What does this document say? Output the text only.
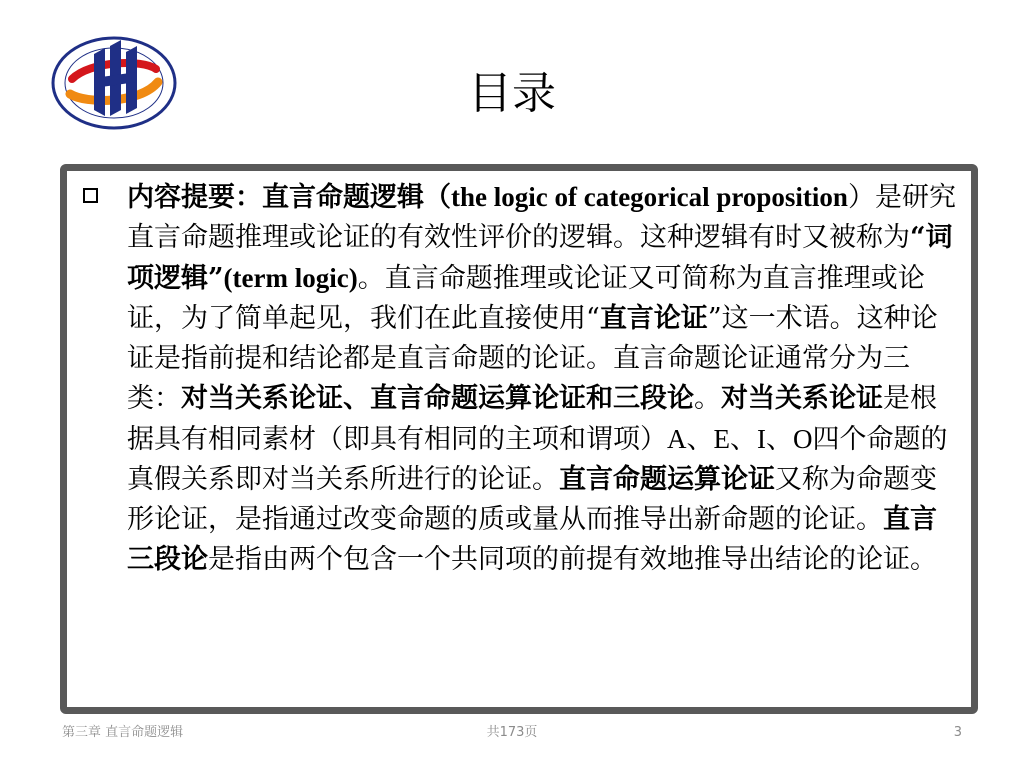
目录
内容提要：直言命题逻辑（the logic of categorical proposition）是研究直言命题推理或论证的有效性评价的逻辑。这种逻辑有时又被称为“词项逻辑”(term logic)。直言命题推理或论证又可简称为直言推理或论证，为了简单起见，我们在此直接使用“直言论证”这一术语。这种论证是指前提和结论都是直言命题的论证。直言命题论证通常分为三类：对当关系论证、直言命题运算论证和三段论。对当关系论证是根据具有相同素材（即具有相同的主项和谓项）A、E、I、O四个命题的真假关系即对当关系所进行的论证。直言命题运算论证又称为命题变形论证，是指通过改变命题的质或量从而推导出新命题的论证。直言三段论是指由两个包含一个共同项的前提有效地推导出结论的论证。
第三章 直言命题逻辑	共173页	3
